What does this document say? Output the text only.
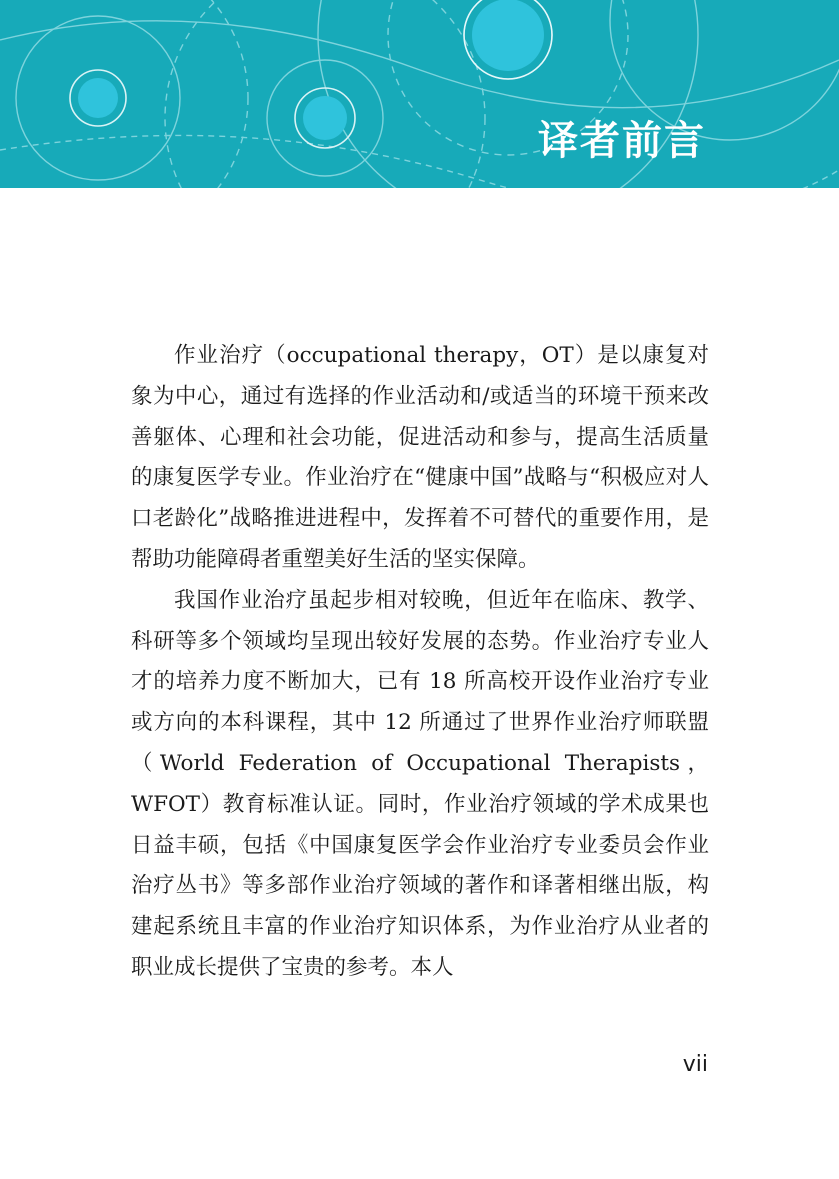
译者前言

作业治疗（occupational therapy，OT）是以康复对象为中心，通过有选择的作业活动和/或适当的环境干预来改善躯体、心理和社会功能，促进活动和参与，提高生活质量的康复医学专业。作业治疗在“健康中国”战略与“积极应对人口老龄化”战略推进进程中，发挥着不可替代的重要作用，是帮助功能障碍者重塑美好生活的坚实保障。

我国作业治疗虽起步相对较晚，但近年在临床、教学、科研等多个领域均呈现出较好发展的态势。作业治疗专业人才的培养力度不断加大，已有 18 所高校开设作业治疗专业或方向的本科课程，其中 12 所通过了世界作业治疗师联盟（World Federation of Occupational Therapists，WFOT）教育标准认证。同时，作业治疗领域的学术成果也日益丰硕，包括《中国康复医学会作业治疗专业委员会作业治疗丛书》等多部作业治疗领域的著作和译著相继出版，构建起系统且丰富的作业治疗知识体系，为作业治疗从业者的职业成长提供了宝贵的参考。本人

vii
